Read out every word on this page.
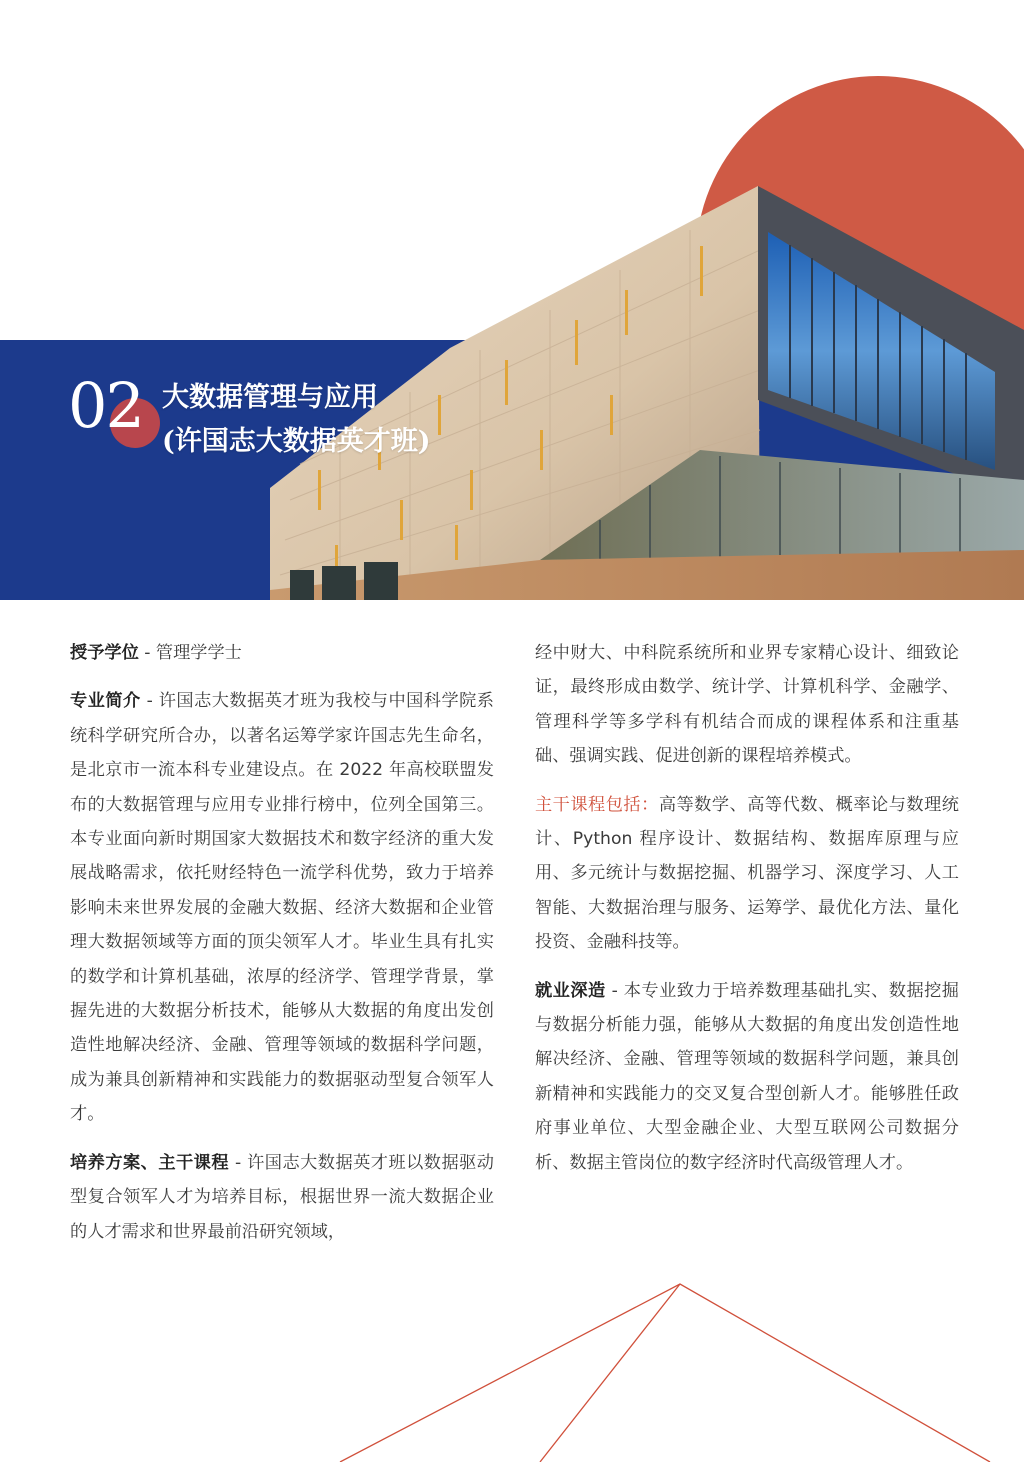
02 大数据管理与应用
(许国志大数据英才班)

授予学位 - 管理学学士

专业简介 - 许国志大数据英才班为我校与中国科学院系统科学研究所合办，以著名运筹学家许国志先生命名，是北京市一流本科专业建设点。在 2022 年高校联盟发布的大数据管理与应用专业排行榜中，位列全国第三。本专业面向新时期国家大数据技术和数字经济的重大发展战略需求，依托财经特色一流学科优势，致力于培养影响未来世界发展的金融大数据、经济大数据和企业管理大数据领域等方面的顶尖领军人才。毕业生具有扎实的数学和计算机基础，浓厚的经济学、管理学背景，掌握先进的大数据分析技术，能够从大数据的角度出发创造性地解决经济、金融、管理等领域的数据科学问题，成为兼具创新精神和实践能力的数据驱动型复合领军人才。

培养方案、主干课程 - 许国志大数据英才班以数据驱动型复合领军人才为培养目标，根据世界一流大数据企业的人才需求和世界最前沿研究领域，

经中财大、中科院系统所和业界专家精心设计、细致论证，最终形成由数学、统计学、计算机科学、金融学、管理科学等多学科有机结合而成的课程体系和注重基础、强调实践、促进创新的课程培养模式。

主干课程包括：高等数学、高等代数、概率论与数理统计、Python 程序设计、数据结构、数据库原理与应用、多元统计与数据挖掘、机器学习、深度学习、人工智能、大数据治理与服务、运筹学、最优化方法、量化投资、金融科技等。

就业深造 - 本专业致力于培养数理基础扎实、数据挖掘与数据分析能力强，能够从大数据的角度出发创造性地解决经济、金融、管理等领域的数据科学问题，兼具创新精神和实践能力的交叉复合型创新人才。能够胜任政府事业单位、大型金融企业、大型互联网公司数据分析、数据主管岗位的数字经济时代高级管理人才。
